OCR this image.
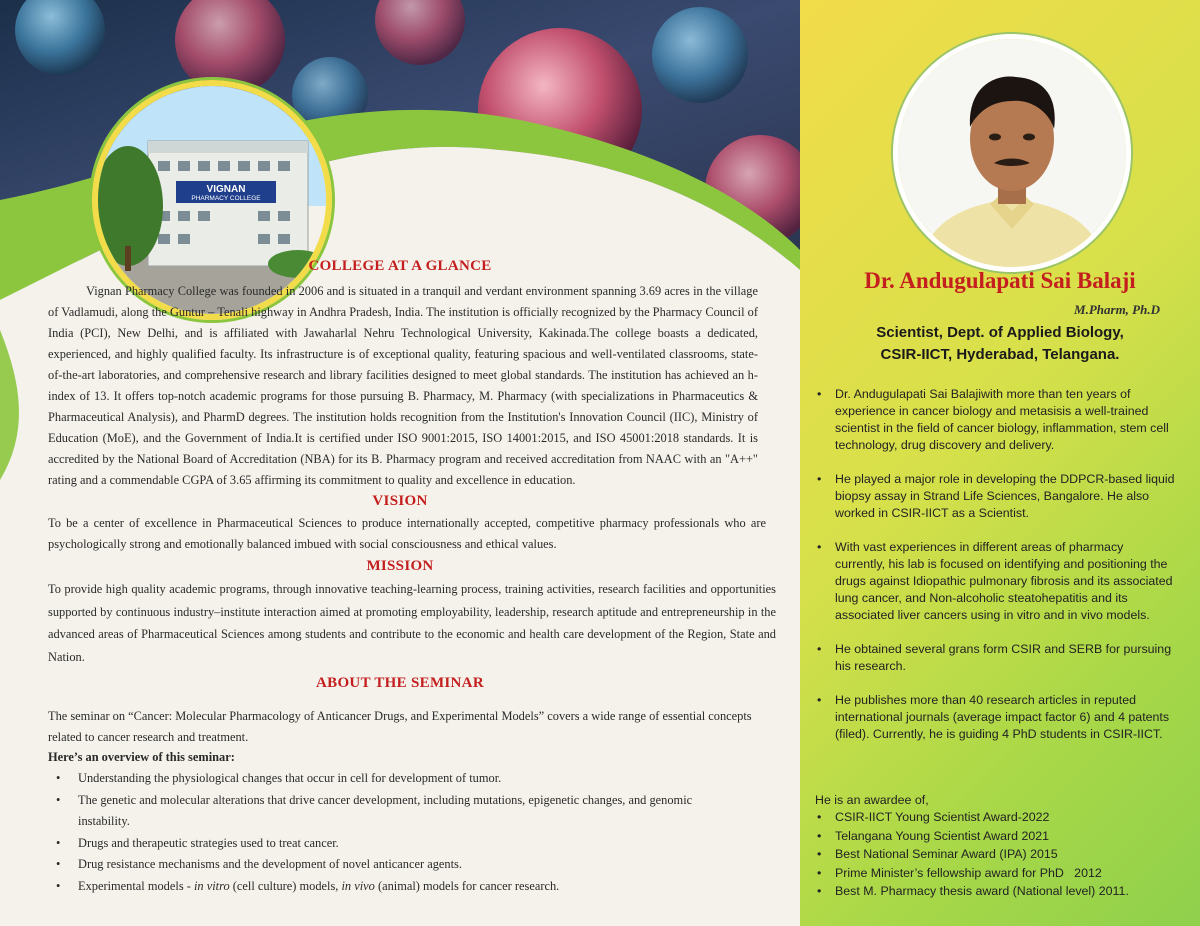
VIGNAN
PHARMACY COLLEGE
COLLEGE AT A GLANCE
Vignan Pharmacy College was founded in 2006 and is situated in a tranquil and verdant environment spanning 3.69 acres in the village of Vadlamudi, along the Guntur – Tenali highway in Andhra Pradesh, India. The institution is officially recognized by the Pharmacy Council of India (PCI), New Delhi, and is affiliated with Jawaharlal Nehru Technological University, Kakinada.The college boasts a dedicated, experienced, and highly qualified faculty. Its infrastructure is of exceptional quality, featuring spacious and well-ventilated classrooms, state-of-the-art laboratories, and comprehensive research and library facilities designed to meet global standards. The institution has achieved an h-index of 13. It offers top-notch academic programs for those pursuing B. Pharmacy, M. Pharmacy (with specializations in Pharmaceutics & Pharmaceutical Analysis), and PharmD degrees. The institution holds recognition from the Institution's Innovation Council (IIC), Ministry of Education (MoE), and the Government of India.It is certified under ISO 9001:2015, ISO 14001:2015, and ISO 45001:2018 standards. It is accredited by the National Board of Accreditation (NBA) for its B. Pharmacy program and received accreditation from NAAC with an "A++" rating and a commendable CGPA of 3.65 affirming its commitment to quality and excellence in education.
VISION
To be a center of excellence in Pharmaceutical Sciences to produce internationally accepted, competitive pharmacy professionals who are psychologically strong and emotionally balanced imbued with social consciousness and ethical values.
MISSION
To provide high quality academic programs, through innovative teaching-learning process, training activities, research facilities and opportunities supported by continuous industry–institute interaction aimed at promoting employability, leadership, research aptitude and entrepreneurship in the advanced areas of Pharmaceutical Sciences among students and contribute to the economic and health care development of the Region, State and Nation.
ABOUT THE SEMINAR
The seminar on “Cancer: Molecular Pharmacology of Anticancer Drugs, and Experimental Models” covers a wide range of essential concepts related to cancer research and treatment.
Here’s an overview of this seminar:
• Understanding the physiological changes that occur in cell for development of tumor.
• The genetic and molecular alterations that drive cancer development, including mutations, epigenetic changes, and genomic instability.
• Drugs and therapeutic strategies used to treat cancer.
• Drug resistance mechanisms and the development of novel anticancer agents.
• Experimental models - in vitro (cell culture) models, in vivo (animal) models for cancer research.
Dr. Andugulapati Sai Balaji
M.Pharm, Ph.D
Scientist, Dept. of Applied Biology,
CSIR-IICT, Hyderabad, Telangana.
• Dr. Andugulapati Sai Balajiwith more than ten years of experience in cancer biology and metasisis a well-trained scientist in the field of cancer biology, inflammation, stem cell technology, drug discovery and delivery.
• He played a major role in developing the DDPCR-based liquid biopsy assay in Strand Life Sciences, Bangalore. He also worked in CSIR-IICT as a Scientist.
• With vast experiences in different areas of pharmacy currently, his lab is focused on identifying and positioning the drugs against Idiopathic pulmonary fibrosis and its associated lung cancer, and Non-alcoholic steatohepatitis and its associated liver cancers using in vitro and in vivo models.
• He obtained several grans form CSIR and SERB for pursuing his research.
• He publishes more than 40 research articles in reputed international journals (average impact factor 6) and 4 patents (filed). Currently, he is guiding 4 PhD students in CSIR-IICT.
He is an awardee of,
• CSIR-IICT Young Scientist Award-2022
• Telangana Young Scientist Award 2021
• Best National Seminar Award (IPA) 2015
• Prime Minister’s fellowship award for PhD   2012
• Best M. Pharmacy thesis award (National level) 2011.
